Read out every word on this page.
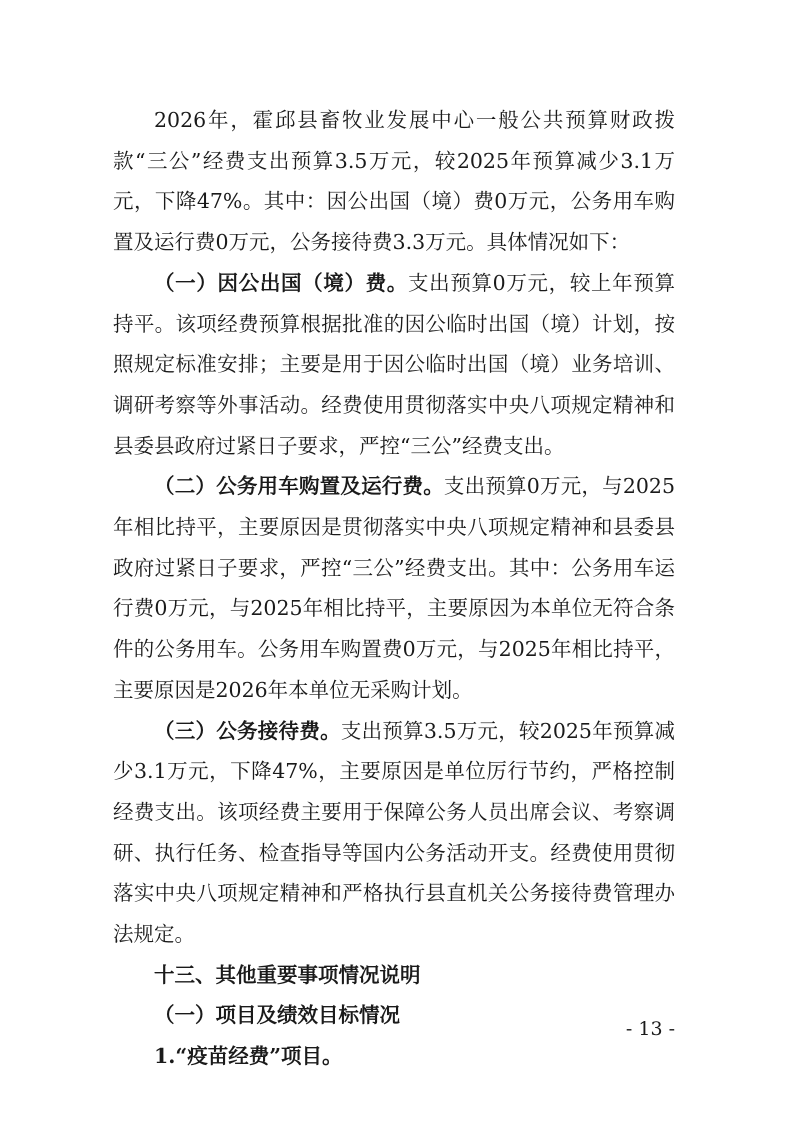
2026年，霍邱县畜牧业发展中心一般公共预算财政拨款“三公”经费支出预算3.5万元，较2025年预算减少3.1万元，下降47%。其中：因公出国（境）费0万元，公务用车购置及运行费0万元，公务接待费3.3万元。具体情况如下：

（一）因公出国（境）费。支出预算0万元，较上年预算持平。该项经费预算根据批准的因公临时出国（境）计划，按照规定标准安排；主要是用于因公临时出国（境）业务培训、调研考察等外事活动。经费使用贯彻落实中央八项规定精神和县委县政府过紧日子要求，严控“三公”经费支出。

（二）公务用车购置及运行费。支出预算0万元，与2025年相比持平，主要原因是贯彻落实中央八项规定精神和县委县政府过紧日子要求，严控“三公”经费支出。其中：公务用车运行费0万元，与2025年相比持平，主要原因为本单位无符合条件的公务用车。公务用车购置费0万元，与2025年相比持平，主要原因是2026年本单位无采购计划。

（三）公务接待费。支出预算3.5万元，较2025年预算减少3.1万元，下降47%，主要原因是单位厉行节约，严格控制经费支出。该项经费主要用于保障公务人员出席会议、考察调研、执行任务、检查指导等国内公务活动开支。经费使用贯彻落实中央八项规定精神和严格执行县直机关公务接待费管理办法规定。

十三、其他重要事项情况说明

（一）项目及绩效目标情况

1.“疫苗经费”项目。

- 13 -
